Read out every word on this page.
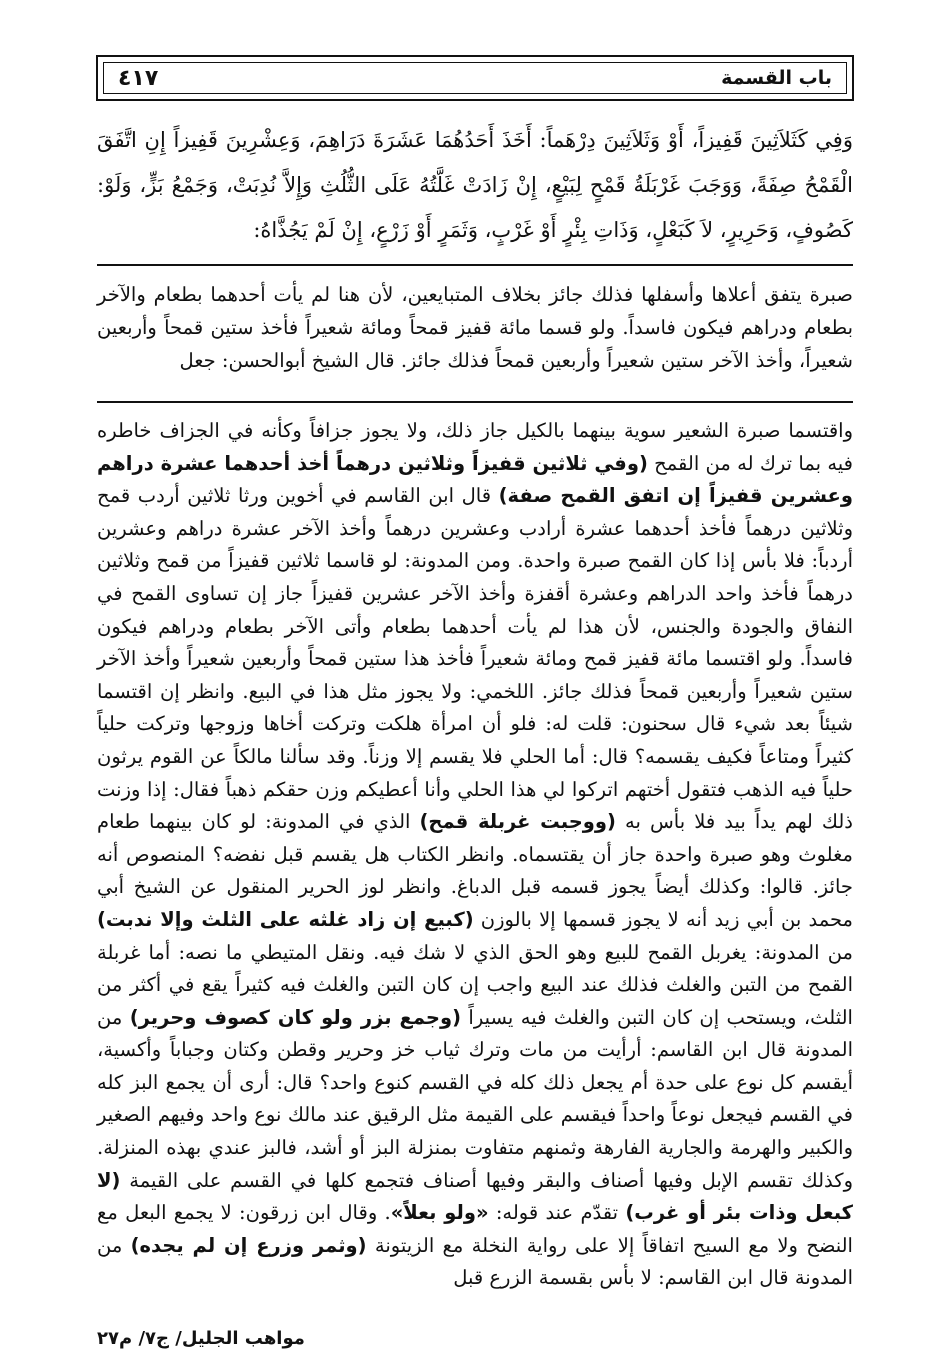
باب القسمة
٤١٧

وَفِي كَثَلاَثِينَ قَفِيزاً، أَوْ وَثَلاَثِينَ دِرْهَماً: أَخَذَ أَحَدُهُمَا عَشَرَةَ دَرَاهِمَ، وَعِشْرِينَ قَفِيزاً إِنِ اتَّفَقَ الْقَمْحُ صِفَةً، وَوَجَبَ غَرْبَلَةُ قَمْحٍ لِبَيْعٍ، إِنْ زَادَتْ غَلَّتُهُ عَلَى الثُّلُثِ وَإِلاَّ نُدِبَتْ، وَجَمْعُ بَزٍّ، وَلَوْ: كَصُوفٍ، وَحَرِيرٍ، لاَ كَبَعْلٍ، وَذَاتِ بِئْرٍ أَوْ غَرْبٍ، وَثَمَرٍ أَوْ زَرْعٍ، إِنْ لَمْ يَجُذَّاهُ:

صبرة يتفق أعلاها وأسفلها فذلك جائز بخلاف المتبايعين، لأن هنا لم يأت أحدهما بطعام والآخر بطعام ودراهم فيكون فاسداً. ولو قسما مائة قفيز قمحاً ومائة شعيراً فأخذ ستين قمحاً وأربعين شعيراً، وأخذ الآخر ستين شعيراً وأربعين قمحاً فذلك جائز. قال الشيخ أبوالحسن: جعل

واقتسما صبرة الشعير سوية بينهما بالكيل جاز ذلك، ولا يجوز جزافاً وكأنه في الجزاف خاطره فيه بما ترك له من القمح (وفي ثلاثين قفيزاً وثلاثين درهماً أخذ أحدهما عشرة دراهم وعشرين قفيزاً إن اتفق القمح صفة) قال ابن القاسم في أخوين ورثا ثلاثين أردب قمح وثلاثين درهماً فأخذ أحدهما عشرة أرادب وعشرين درهماً وأخذ الآخر عشرة دراهم وعشرين أردباً: فلا بأس إذا كان القمح صبرة واحدة. ومن المدونة: لو قاسما ثلاثين قفيزاً من قمح وثلاثين درهماً فأخذ واحد الدراهم وعشرة أقفزة وأخذ الآخر عشرين قفيزاً جاز إن تساوى القمح في النفاق والجودة والجنس، لأن هذا لم يأت أحدهما بطعام وأتى الآخر بطعام ودراهم فيكون فاسداً. ولو اقتسما مائة قفيز قمح ومائة شعيراً فأخذ هذا ستين قمحاً وأربعين شعيراً وأخذ الآخر ستين شعيراً وأربعين قمحاً فذلك جائز. اللخمي: ولا يجوز مثل هذا في البيع. وانظر إن اقتسما شيئاً بعد شيء قال سحنون: قلت له: فلو أن امرأة هلكت وتركت أخاها وزوجها وتركت حلياً كثيراً ومتاعاً فكيف يقسمه؟ قال: أما الحلي فلا يقسم إلا وزناً. وقد سألنا مالكاً عن القوم يرثون حلياً فيه الذهب فتقول أختهم اتركوا لي هذا الحلي وأنا أعطيكم وزن حقكم ذهباً فقال: إذا وزنت ذلك لهم يداً بيد فلا بأس به (ووجبت غربلة قمح) الذي في المدونة: لو كان بينهما طعام مغلوث وهو صبرة واحدة جاز أن يقتسماه. وانظر الكتاب هل يقسم قبل نفضه؟ المنصوص أنه جائز. قالوا: وكذلك أيضاً يجوز قسمه قبل الدباغ. وانظر لوز الحرير المنقول عن الشيخ أبي محمد بن أبي زيد أنه لا يجوز قسمها إلا بالوزن (كبيع إن زاد غلثه على الثلث وإلا ندبت) من المدونة: يغربل القمح للبيع وهو الحق الذي لا شك فيه. ونقل المتيطي ما نصه: أما غربلة القمح من التبن والغلث فذلك عند البيع واجب إن كان التبن والغلث فيه كثيراً يقع في أكثر من الثلث، ويستحب إن كان التبن والغلث فيه يسيراً (وجمع بزر ولو كان كصوف وحرير) من المدونة قال ابن القاسم: أرأيت من مات وترك ثياب خز وحرير وقطن وكتان وجباباً وأكسية، أيقسم كل نوع على حدة أم يجعل ذلك كله في القسم كنوع واحد؟ قال: أرى أن يجمع البز كله في القسم فيجعل نوعاً واحداً فيقسم على القيمة مثل الرقيق عند مالك نوع واحد وفيهم الصغير والكبير والهرمة والجارية الفارهة وثمنهم متفاوت بمنزلة البز أو أشد، فالبز عندي بهذه المنزلة. وكذلك تقسم الإبل وفيها أصناف والبقر وفيها أصناف فتجمع كلها في القسم على القيمة (لا كبعل وذات بئر أو غرب) تقدّم عند قوله: «ولو بعلاً». وقال ابن زرقون: لا يجمع البعل مع النضح ولا مع السيح اتفاقاً إلا على رواية النخلة مع الزيتونة (وثمر وزرع إن لم يجده) من المدونة قال ابن القاسم: لا بأس بقسمة الزرع قبل

مواهب الجليل/ ج٧/ م٢٧
